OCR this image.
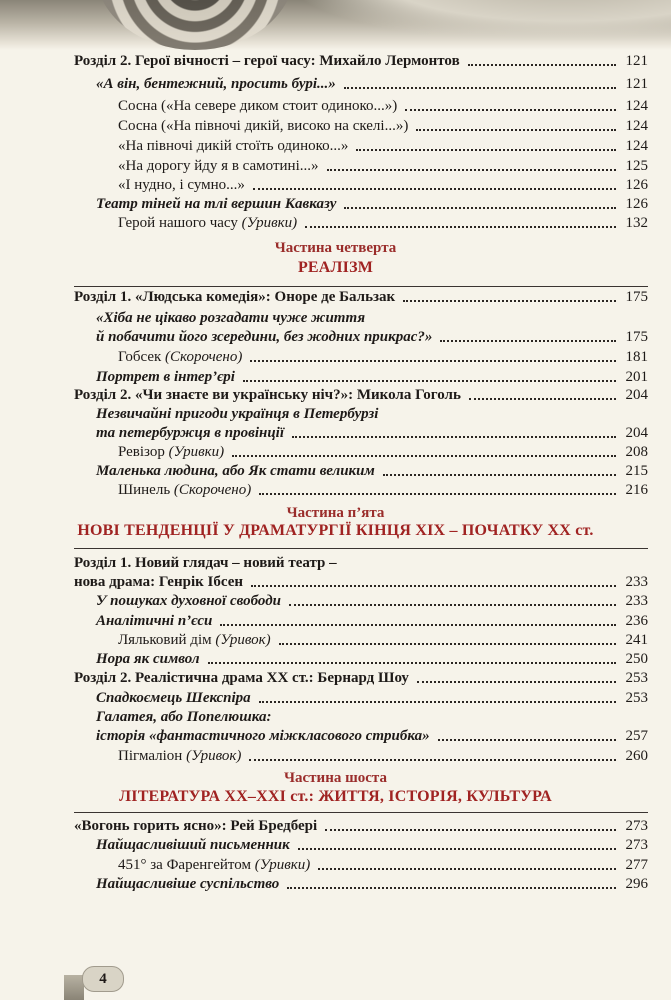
Частина четверта
РЕАЛІЗМ
Частина п’ята
НОВІ ТЕНДЕНЦІЇ У ДРАМАТУРГІЇ КІНЦЯ ХІХ – ПОЧАТКУ ХХ ст.
Частина шоста
ЛІТЕРАТУРА ХХ–ХХІ ст.: ЖИТТЯ, ІСТОРІЯ, КУЛЬТУРА
Розділ 2. Герої вічності – герої часу: Михайло Лермонтов	121
«А він, бентежний, просить бурі...»	121
Сосна («На севере диком стоит одиноко...»)	124
Сосна («На півночі дикій, високо на скелі...»)	124
«На півночі дикій стоїть одиноко...»	124
«На дорогу йду я в самотині...»	125
«І нудно, і сумно...»	126
Театр тіней на тлі вершин Кавказу	126
Герой нашого часу (Уривки)	132
Розділ 1. «Людська комедія»: Оноре де Бальзак	175
«Хіба не цікаво розгадати чуже життя
й побачити його зсередини, без жодних прикрас?»	175
Гобсек (Скорочено)	181
Портрет в інтер’єрі	201
Розділ 2. «Чи знаєте ви українську ніч?»: Микола Гоголь	204
Незвичайні пригоди українця в Петербурзі
та петербуржця в провінції	204
Ревізор (Уривки)	208
Маленька людина, або Як стати великим	215
Шинель (Скорочено)	216
Розділ 1. Новий глядач – новий театр –
нова драма: Генрік Ібсен	233
У пошуках духовної свободи	233
Аналітичні п’єси	236
Ляльковий дім (Уривок)	241
Нора як символ	250
Розділ 2. Реалістична драма ХХ ст.: Бернард Шоу	253
Спадкоємець Шекспіра	253
Галатея, або Попелюшка:
історія «фантастичного міжкласового стрибка»	257
Пігмаліон (Уривок)	260
«Вогонь горить ясно»: Рей Бредбері	273
Найщасливіший письменник	273
451° за Фаренгейтом (Уривки)	277
Найщасливіше суспільство	296
4
